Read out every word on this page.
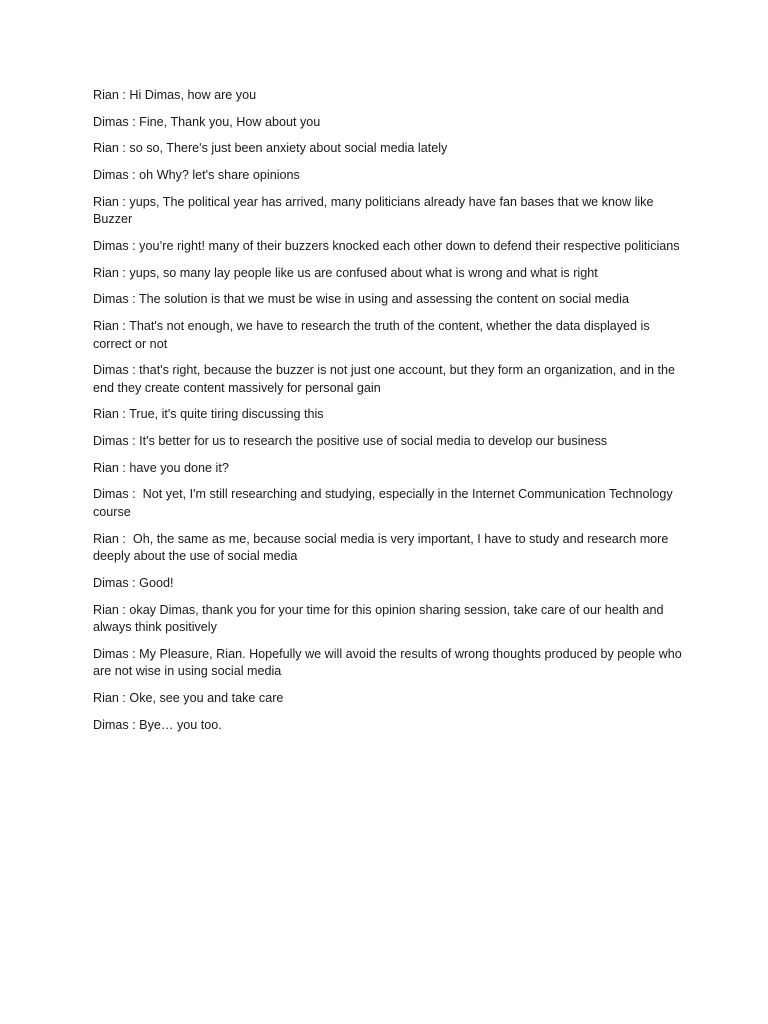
Rian : Hi Dimas, how are you
Dimas : Fine, Thank you, How about you
Rian : so so, There's just been anxiety about social media lately
Dimas : oh Why? let's share opinions
Rian : yups, The political year has arrived, many politicians already have fan bases that we know like Buzzer
Dimas : you’re right! many of their buzzers knocked each other down to defend their respective politicians
Rian : yups, so many lay people like us are confused about what is wrong and what is right
Dimas : The solution is that we must be wise in using and assessing the content on social media
Rian : That's not enough, we have to research the truth of the content, whether the data displayed is correct or not
Dimas : that's right, because the buzzer is not just one account, but they form an organization, and in the end they create content massively for personal gain
Rian : True, it's quite tiring discussing this
Dimas : It's better for us to research the positive use of social media to develop our business
Rian : have you done it?
Dimas :  Not yet, I'm still researching and studying, especially in the Internet Communication Technology course
Rian :  Oh, the same as me, because social media is very important, I have to study and research more deeply about the use of social media
Dimas : Good!
Rian : okay Dimas, thank you for your time for this opinion sharing session, take care of our health and always think positively
Dimas : My Pleasure, Rian. Hopefully we will avoid the results of wrong thoughts produced by people who are not wise in using social media
Rian : Oke, see you and take care
Dimas : Bye… you too.
